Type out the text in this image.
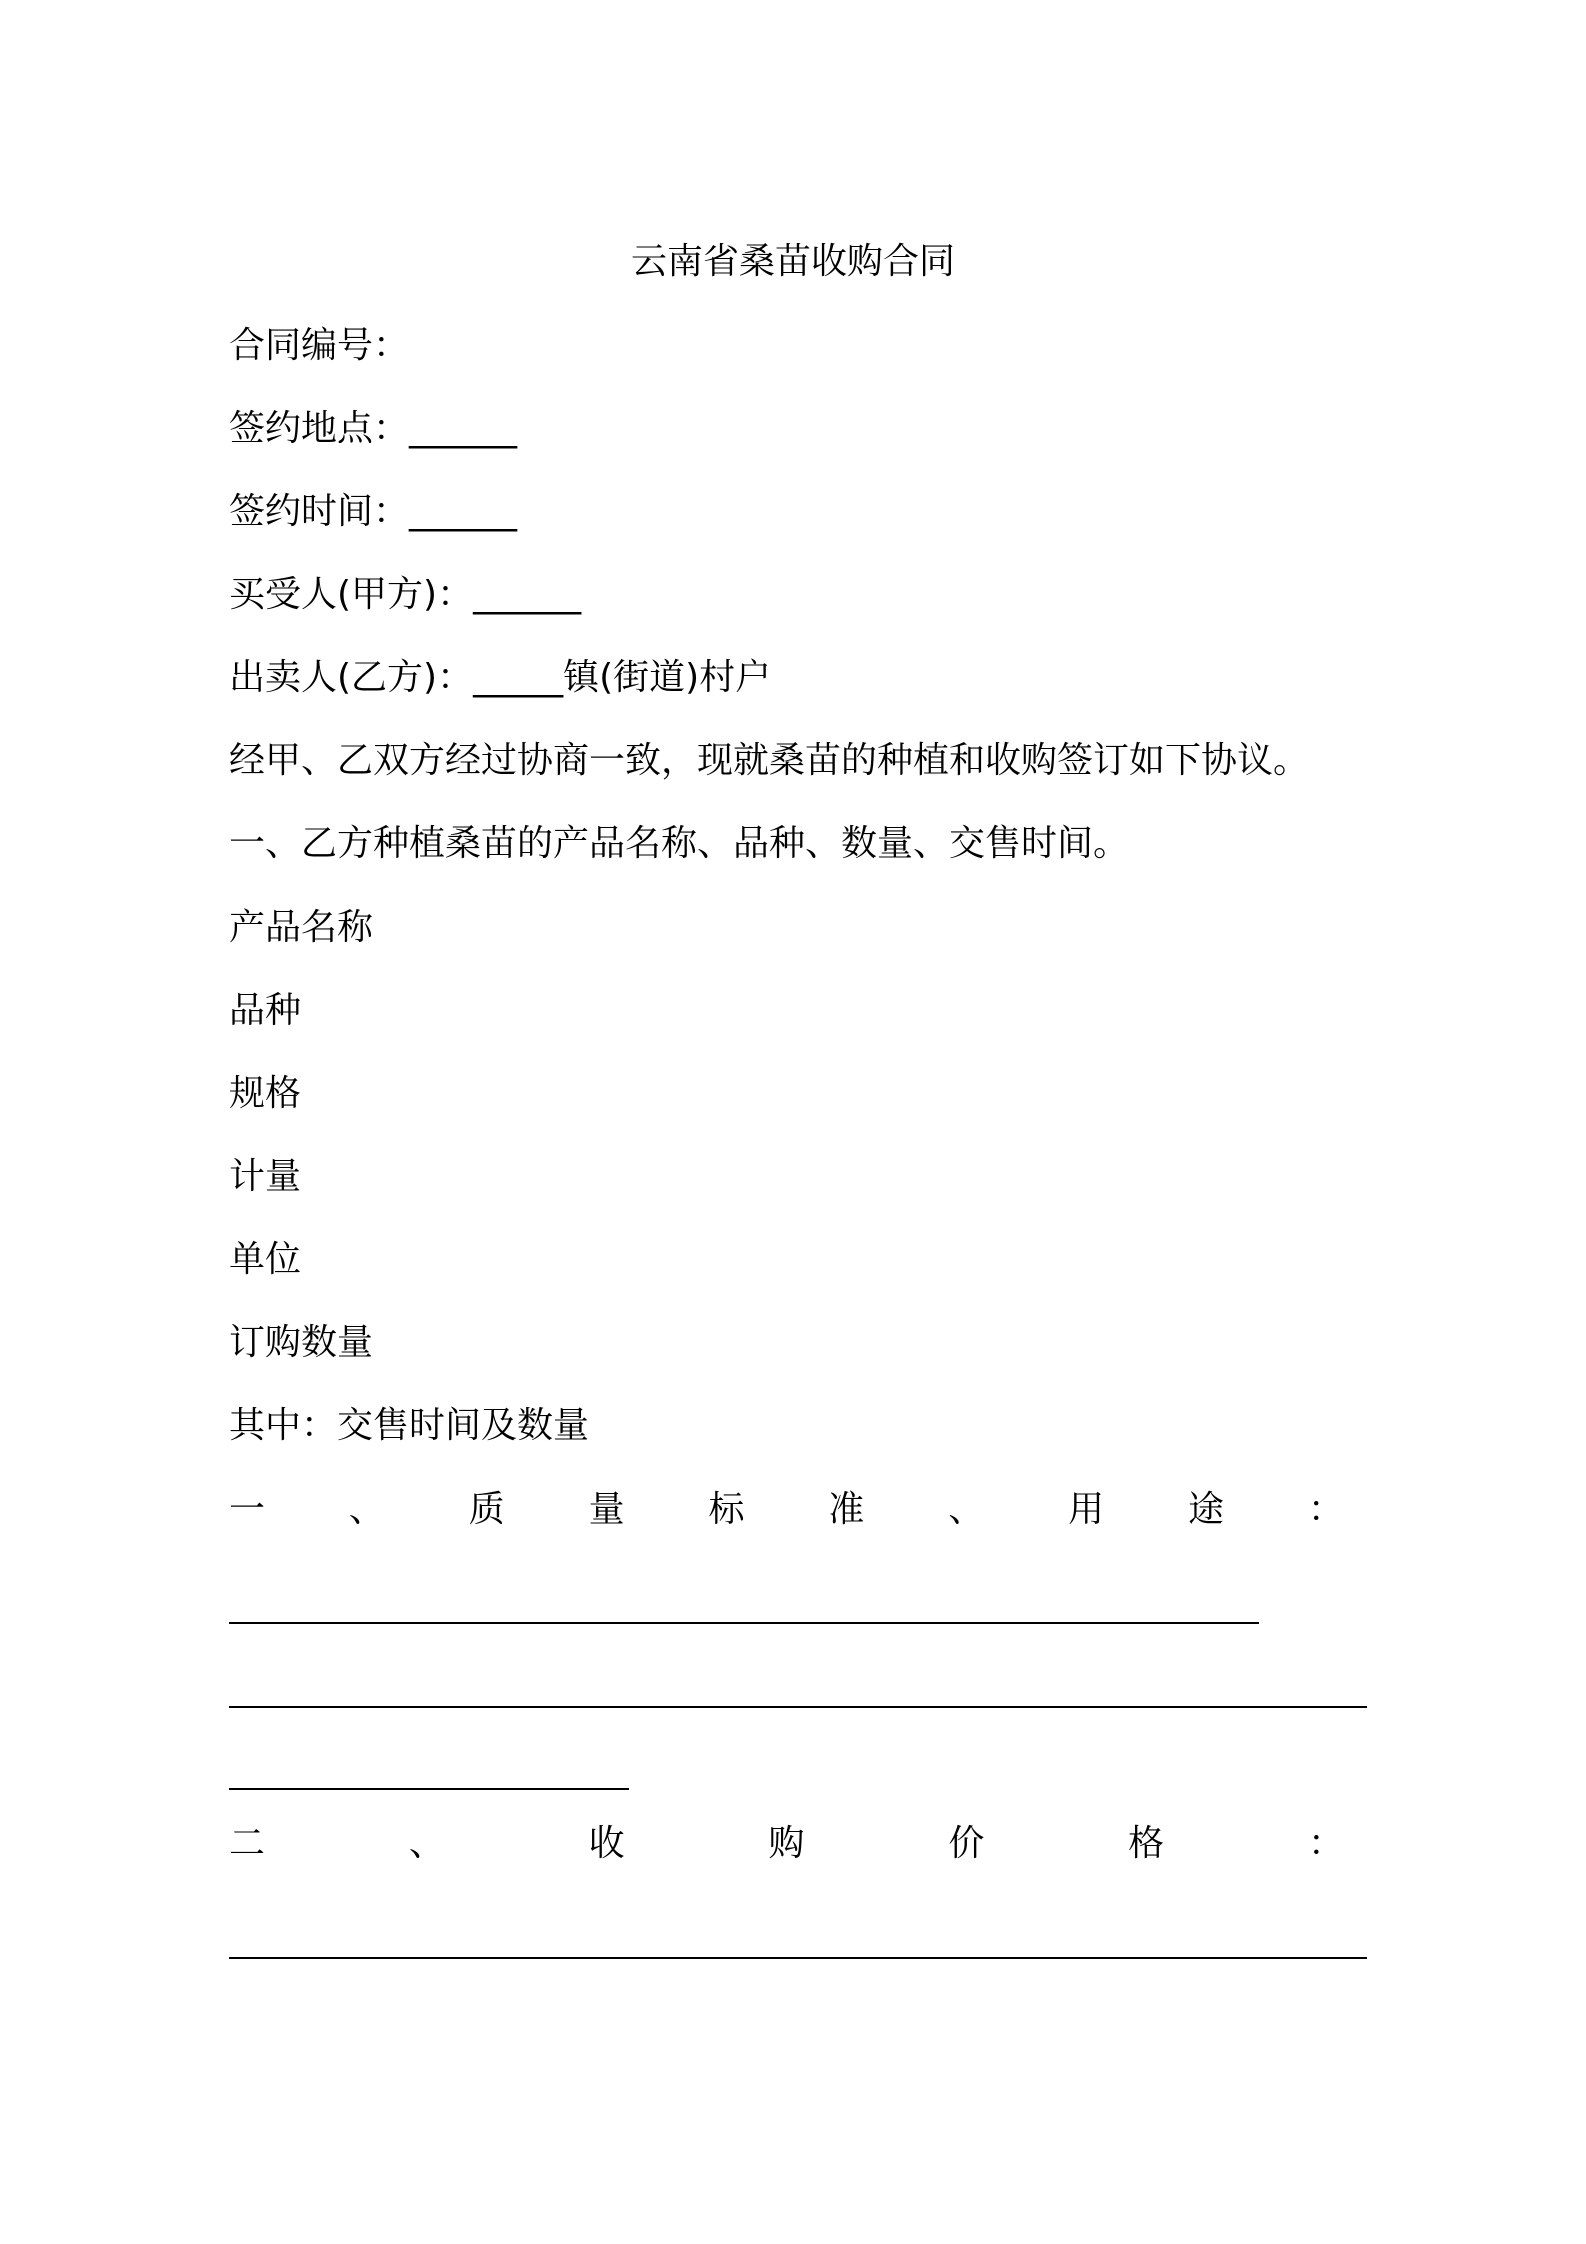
云南省桑苗收购合同
合同编号：
签约地点：______
签约时间：______
买受人(甲方)：______
出卖人(乙方)：_____镇(街道)村户
经甲、乙双方经过协商一致，现就桑苗的种植和收购签订如下协议。
一、乙方种植桑苗的产品名称、品种、数量、交售时间。
产品名称
品种
规格
计量
单位
订购数量
其中：交售时间及数量
一 、 质 量 标 准 、 用 途 ：
二	、	收	购	价	格	：
